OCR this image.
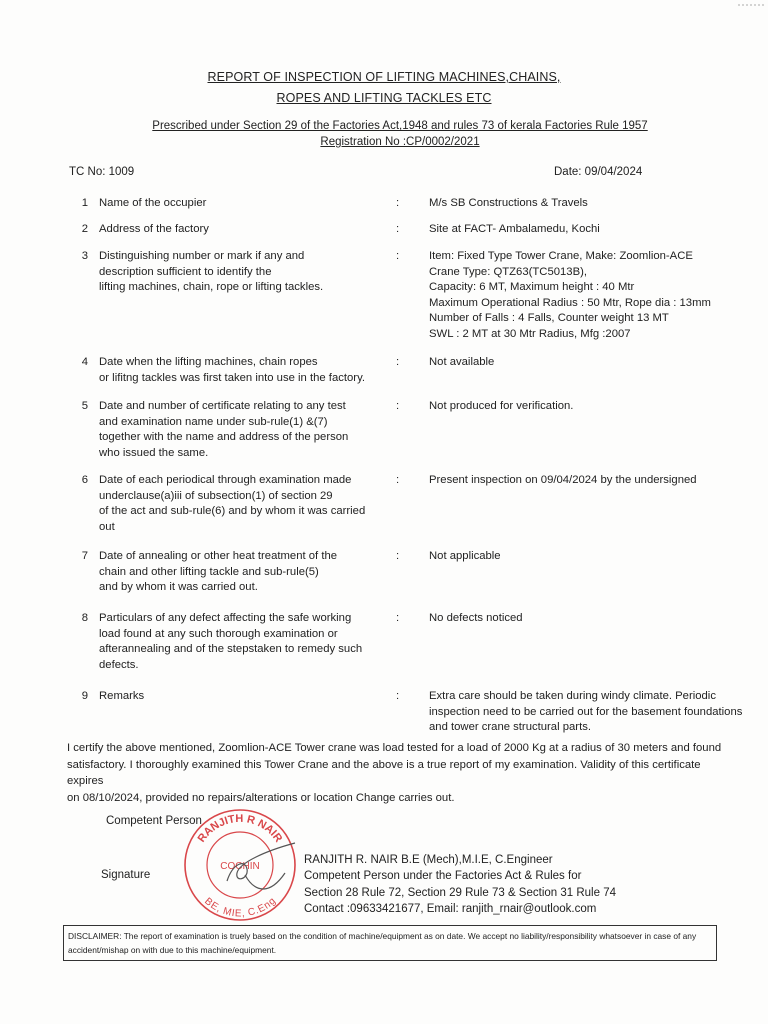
REPORT OF INSPECTION OF LIFTING MACHINES,CHAINS,
ROPES AND LIFTING TACKLES ETC
Prescribed under Section 29 of the Factories Act,1948 and rules 73 of kerala Factories Rule 1957
Registration No :CP/0002/2021
TC No: 1009	Date: 09/04/2024
1 Name of the occupier	:	M/s SB Constructions & Travels
2 Address of the factory	:	Site at FACT- Ambalamedu, Kochi
3 Distinguishing number or mark if any and
description sufficient to identify the
lifting machines, chain, rope or lifting tackles.
:	Item: Fixed Type Tower Crane, Make: Zoomlion-ACE
Crane Type: QTZ63(TC5013B),
Capacity: 6 MT, Maximum height : 40 Mtr
Maximum Operational Radius : 50 Mtr, Rope dia : 13mm
Number of Falls : 4 Falls, Counter weight 13 MT
SWL : 2 MT at 30 Mtr Radius, Mfg :2007
4 Date when the lifting machines, chain ropes
or lifitng tackles was first taken into use in the factory.
:	Not available
5 Date and number of certificate relating to any test
and examination name under sub-rule(1) &(7)
together with the name and address of the person
who issued the same.
:	Not produced for verification.
6 Date of each periodical through examination made
underclause(a)iii of subsection(1) of section 29
of the act and sub-rule(6) and by whom it was carried
out
:	Present inspection on 09/04/2024 by the undersigned
7 Date of annealing or other heat treatment of the
chain and other lifting tackle and sub-rule(5)
and by whom it was carried out.
:	Not applicable
8 Particulars of any defect affecting the safe working
load found at any such thorough examination or
afterannealing and of the stepstaken to remedy such
defects.
:	No defects noticed
9 Remarks	:	Extra care should be taken during windy climate. Periodic
inspection need to be carried out for the basement foundations
and tower crane structural parts.
I certify the above mentioned, Zoomlion-ACE Tower crane was load tested for a load of 2000 Kg at a radius of 30 meters and found
satisfactory. I thoroughly examined this Tower Crane and the above is a true report of my examination. Validity of this certificate expires
on 08/10/2024, provided no repairs/alterations or location Change carries out.
Competent Person
Signature
RANJITH R NAIR
COCHIN
BE, MIE, C.Eng
RANJITH R. NAIR B.E (Mech),M.I.E, C.Engineer
Competent Person under the Factories Act & Rules for
Section 28 Rule 72, Section 29 Rule 73 & Section 31 Rule 74
Contact :09633421677, Email: ranjith_rnair@outlook.com
DISCLAIMER: The report of examination is truely based on the condition of machine/equipment as on date. We accept no liability/responsibility whatsoever in case of any
accident/mishap on with due to this machine/equipment.
